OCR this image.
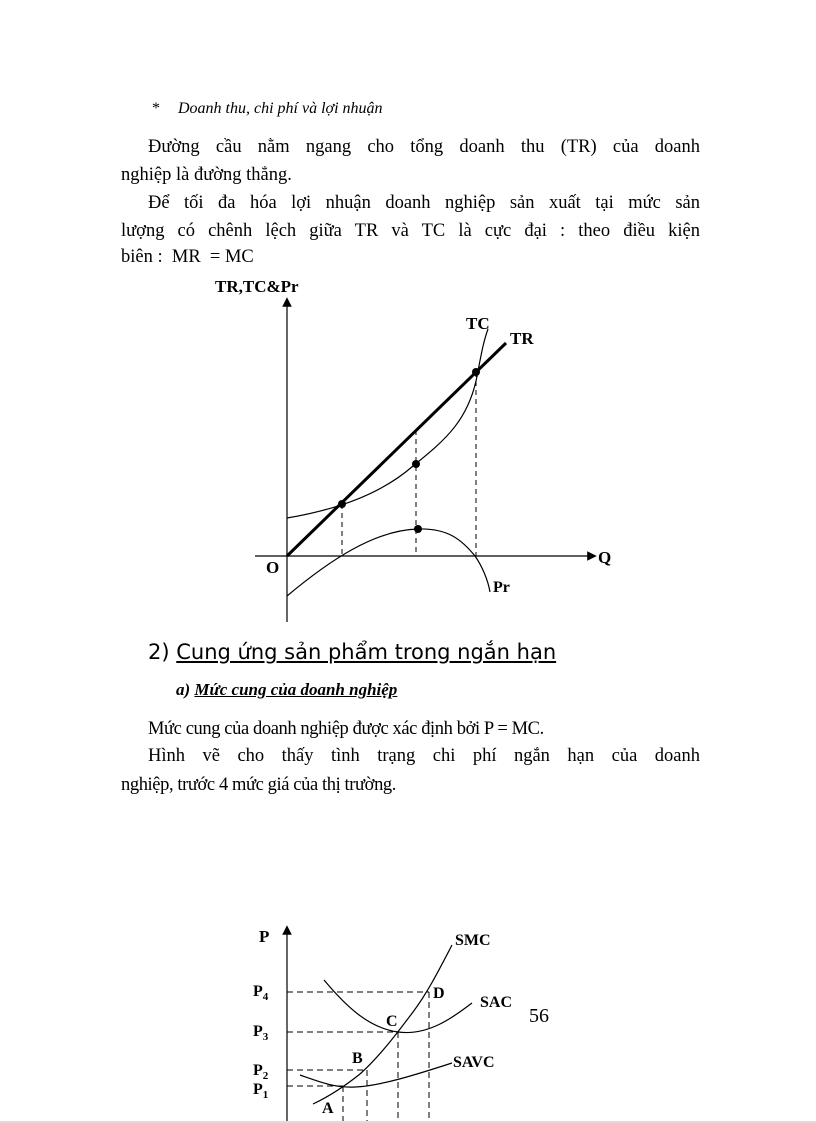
* Doanh thu, chi phí và lợi nhuận
Đường cầu nằm ngang cho tổng doanh thu (TR) của doanh
nghiệp là đường thẳng.
Để tối đa hóa lợi nhuận doanh nghiệp sản xuất tại mức sản
lượng có chênh lệch giữa TR và TC là cực đại : theo điều kiện
biên :  MR  = MC
TR,TC&Pr
Q
O
TR
TC
Pr
2) Cung ứng sản phẩm trong ngắn hạn
a) Mức cung của doanh nghiệp
Mức cung của doanh nghiệp được xác định bởi P = MC.
Hình vẽ cho thấy tình trạng chi phí ngắn hạn của doanh
nghiệp, trước 4 mức giá của thị trường.
P
$P_4$
$P_3$
$P_2$
$P_1$
SMC
SAC
SAVC
A
B
C
D
56
